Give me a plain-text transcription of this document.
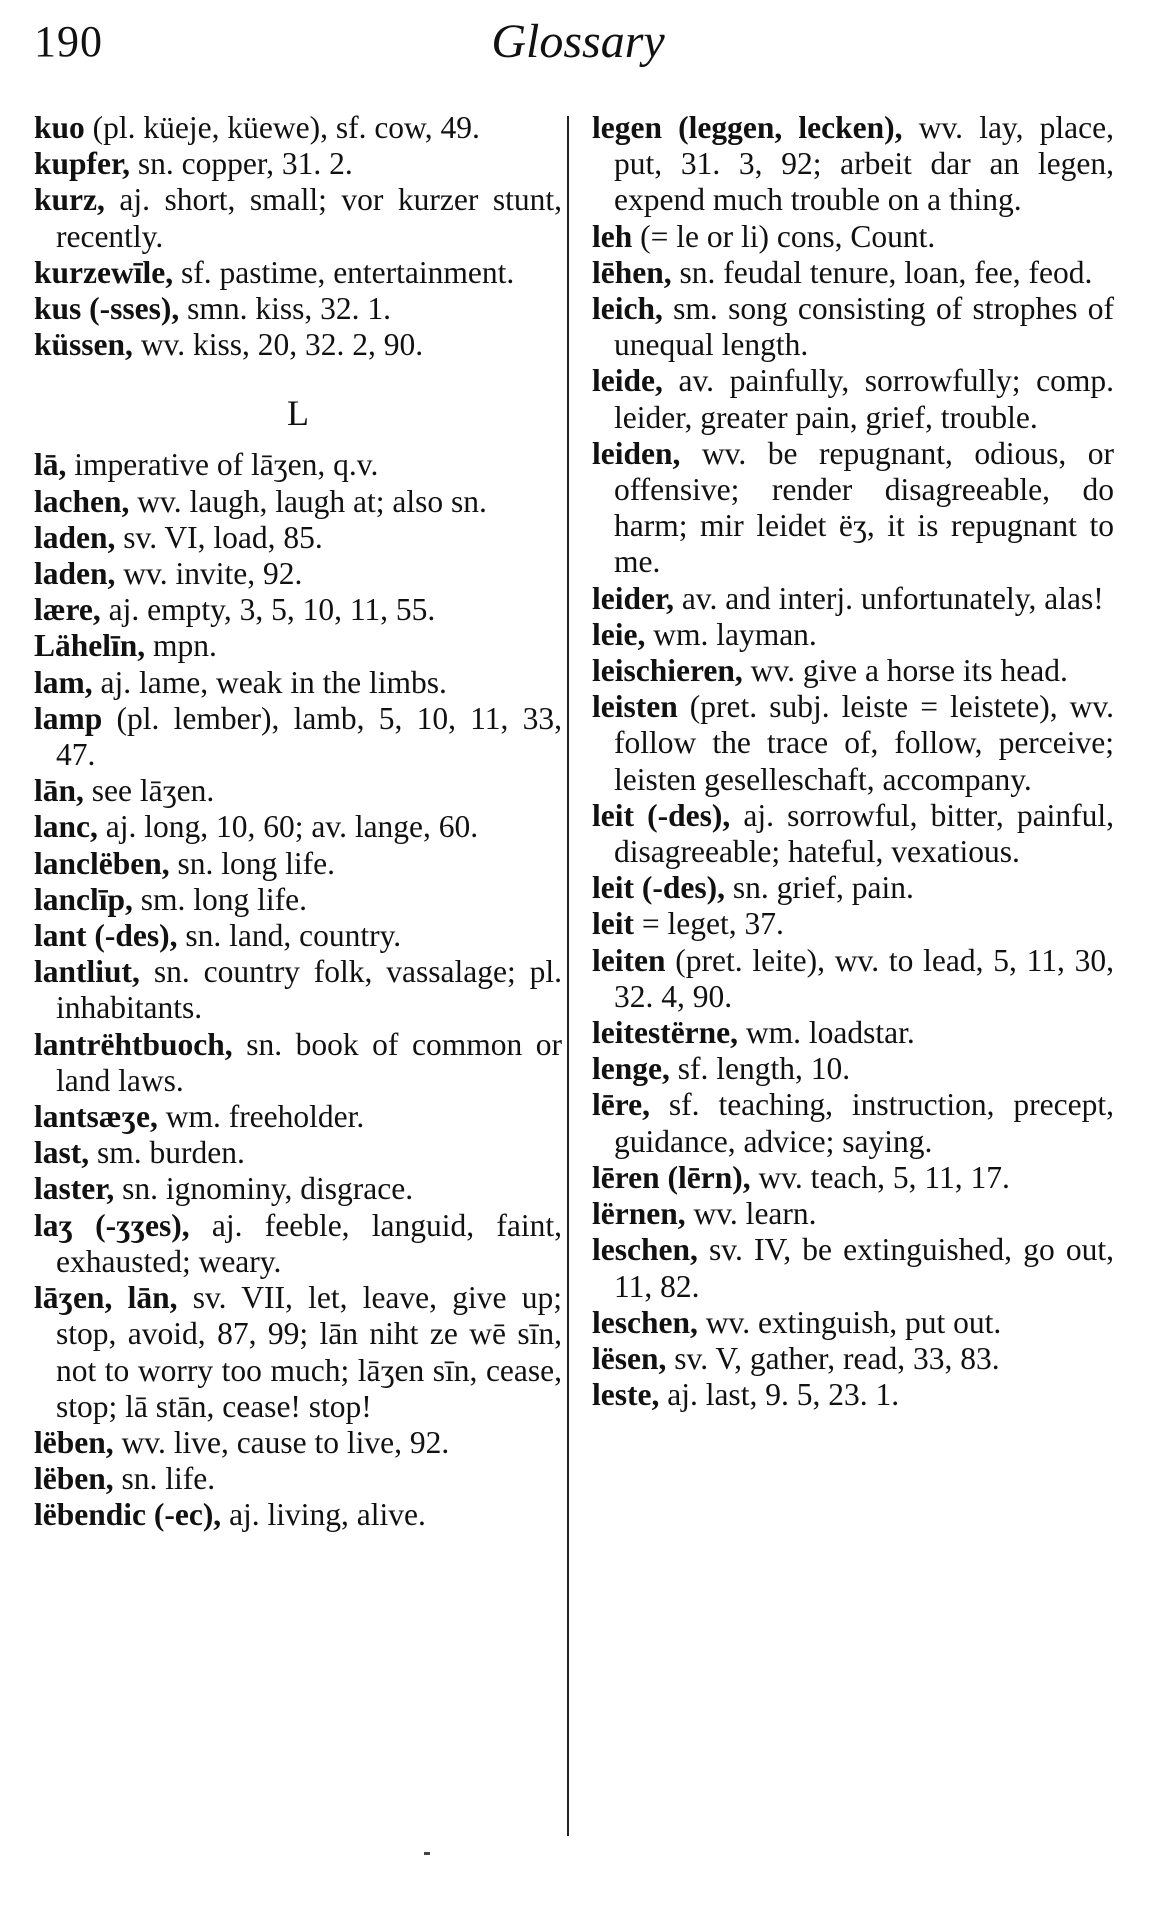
190	Glossary
kuo (pl. küeje, küewe), sf. cow, 49.
kupfer, sn. copper, 31. 2.
kurz, aj. short, small; vor kurzer stunt, recently.
kurzewīle, sf. pastime, entertainment.
kus (-sses), smn. kiss, 32. 1.
küssen, wv. kiss, 20, 32. 2, 90.
L
lā, imperative of lāʒen, q.v.
lachen, wv. laugh, laugh at; also sn.
laden, sv. VI, load, 85.
laden, wv. invite, 92.
lære, aj. empty, 3, 5, 10, 11, 55.
Lähelīn, mpn.
lam, aj. lame, weak in the limbs.
lamp (pl. lember), lamb, 5, 10, 11, 33, 47.
lān, see lāʒen.
lanc, aj. long, 10, 60; av. lange, 60.
lanclëben, sn. long life.
lanclīp, sm. long life.
lant (-des), sn. land, country.
lantliut, sn. country folk, vassalage; pl. inhabitants.
lantrëhtbuoch, sn. book of common or land laws.
lantsæʒe, wm. freeholder.
last, sm. burden.
laster, sn. ignominy, disgrace.
laʒ (-ʒʒes), aj. feeble, languid, faint, exhausted; weary.
lāʒen, lān, sv. VII, let, leave, give up; stop, avoid, 87, 99; lān niht ze wē sīn, not to worry too much; lāʒen sīn, cease, stop; lā stān, cease! stop!
lëben, wv. live, cause to live, 92.
lëben, sn. life.
lëbendic (-ec), aj. living, alive.
legen (leggen, lecken), wv. lay, place, put, 31. 3, 92; arbeit dar an legen, expend much trouble on a thing.
leh (= le or li) cons, Count.
lēhen, sn. feudal tenure, loan, fee, feod.
leich, sm. song consisting of strophes of unequal length.
leide, av. painfully, sorrowfully; comp. leider, greater pain, grief, trouble.
leiden, wv. be repugnant, odious, or offensive; render disagreeable, do harm; mir leidet ëʒ, it is repugnant to me.
leider, av. and interj. unfortunately, alas!
leie, wm. layman.
leischieren, wv. give a horse its head.
leisten (pret. subj. leiste = leistete), wv. follow the trace of, follow, perceive; leisten geselleschaft, accompany.
leit (-des), aj. sorrowful, bitter, painful, disagreeable; hateful, vexatious.
leit (-des), sn. grief, pain.
leit = leget, 37.
leiten (pret. leite), wv. to lead, 5, 11, 30, 32. 4, 90.
leitestërne, wm. loadstar.
lenge, sf. length, 10.
lēre, sf. teaching, instruction, precept, guidance, advice; saying.
lēren (lērn), wv. teach, 5, 11, 17.
lërnen, wv. learn.
leschen, sv. IV, be extinguished, go out, 11, 82.
leschen, wv. extinguish, put out.
lësen, sv. V, gather, read, 33, 83.
leste, aj. last, 9. 5, 23. 1.
